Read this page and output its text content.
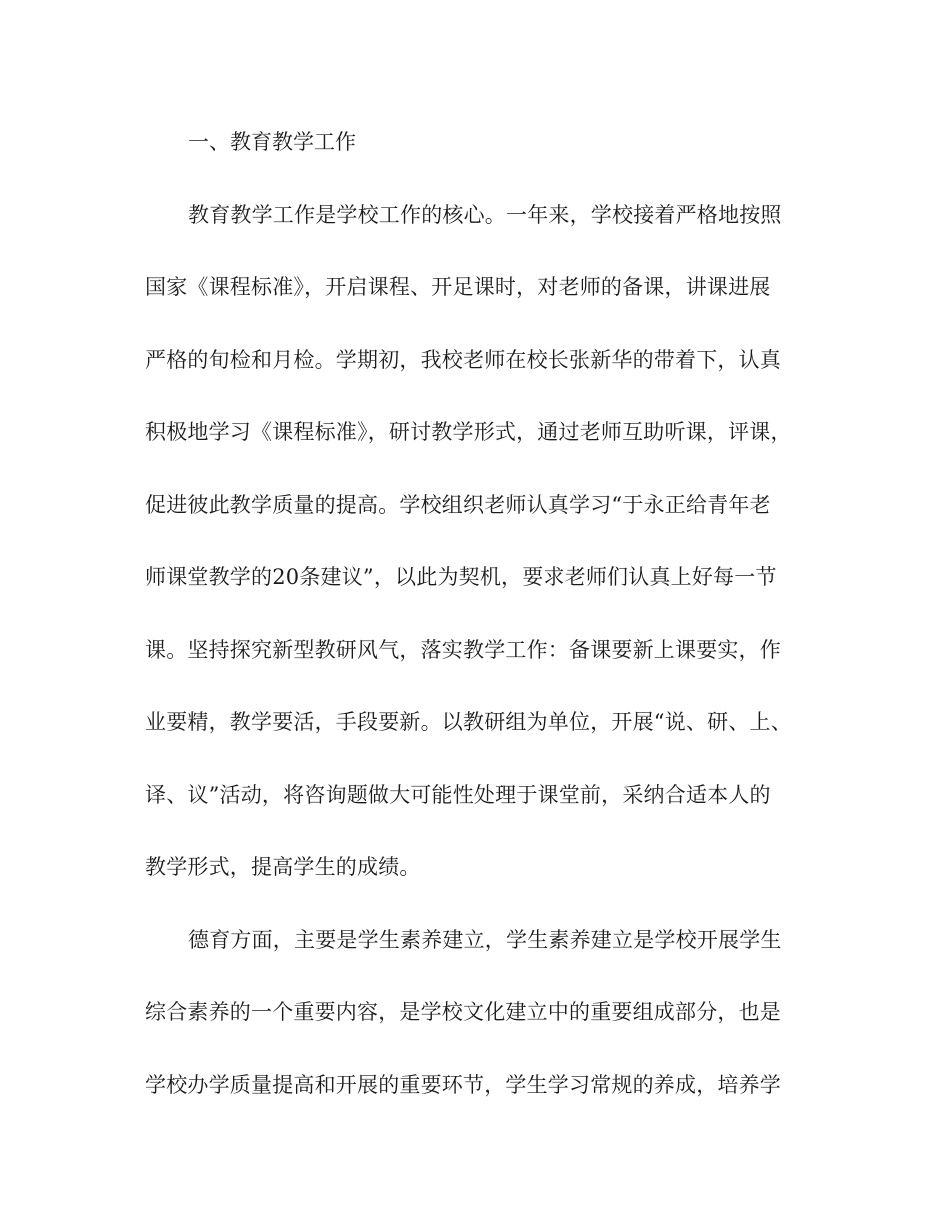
一、教育教学工作
教育教学工作是学校工作的核心。一年来，学校接着严格地按照
国家《课程标准》，开启课程、开足课时，对老师的备课，讲课进展
严格的旬检和月检。学期初，我校老师在校长张新华的带着下，认真
积极地学习《课程标准》，研讨教学形式，通过老师互助听课，评课，
促进彼此教学质量的提高。学校组织老师认真学习“于永正给青年老
师课堂教学的20条建议”，以此为契机，要求老师们认真上好每一节
课。坚持探究新型教研风气，落实教学工作：备课要新上课要实，作
业要精，教学要活，手段要新。以教研组为单位，开展“说、研、上、
译、议”活动，将咨询题做大可能性处理于课堂前，采纳合适本人的
教学形式，提高学生的成绩。
德育方面，主要是学生素养建立，学生素养建立是学校开展学生
综合素养的一个重要内容，是学校文化建立中的重要组成部分，也是
学校办学质量提高和开展的重要环节，学生学习常规的养成，培养学
